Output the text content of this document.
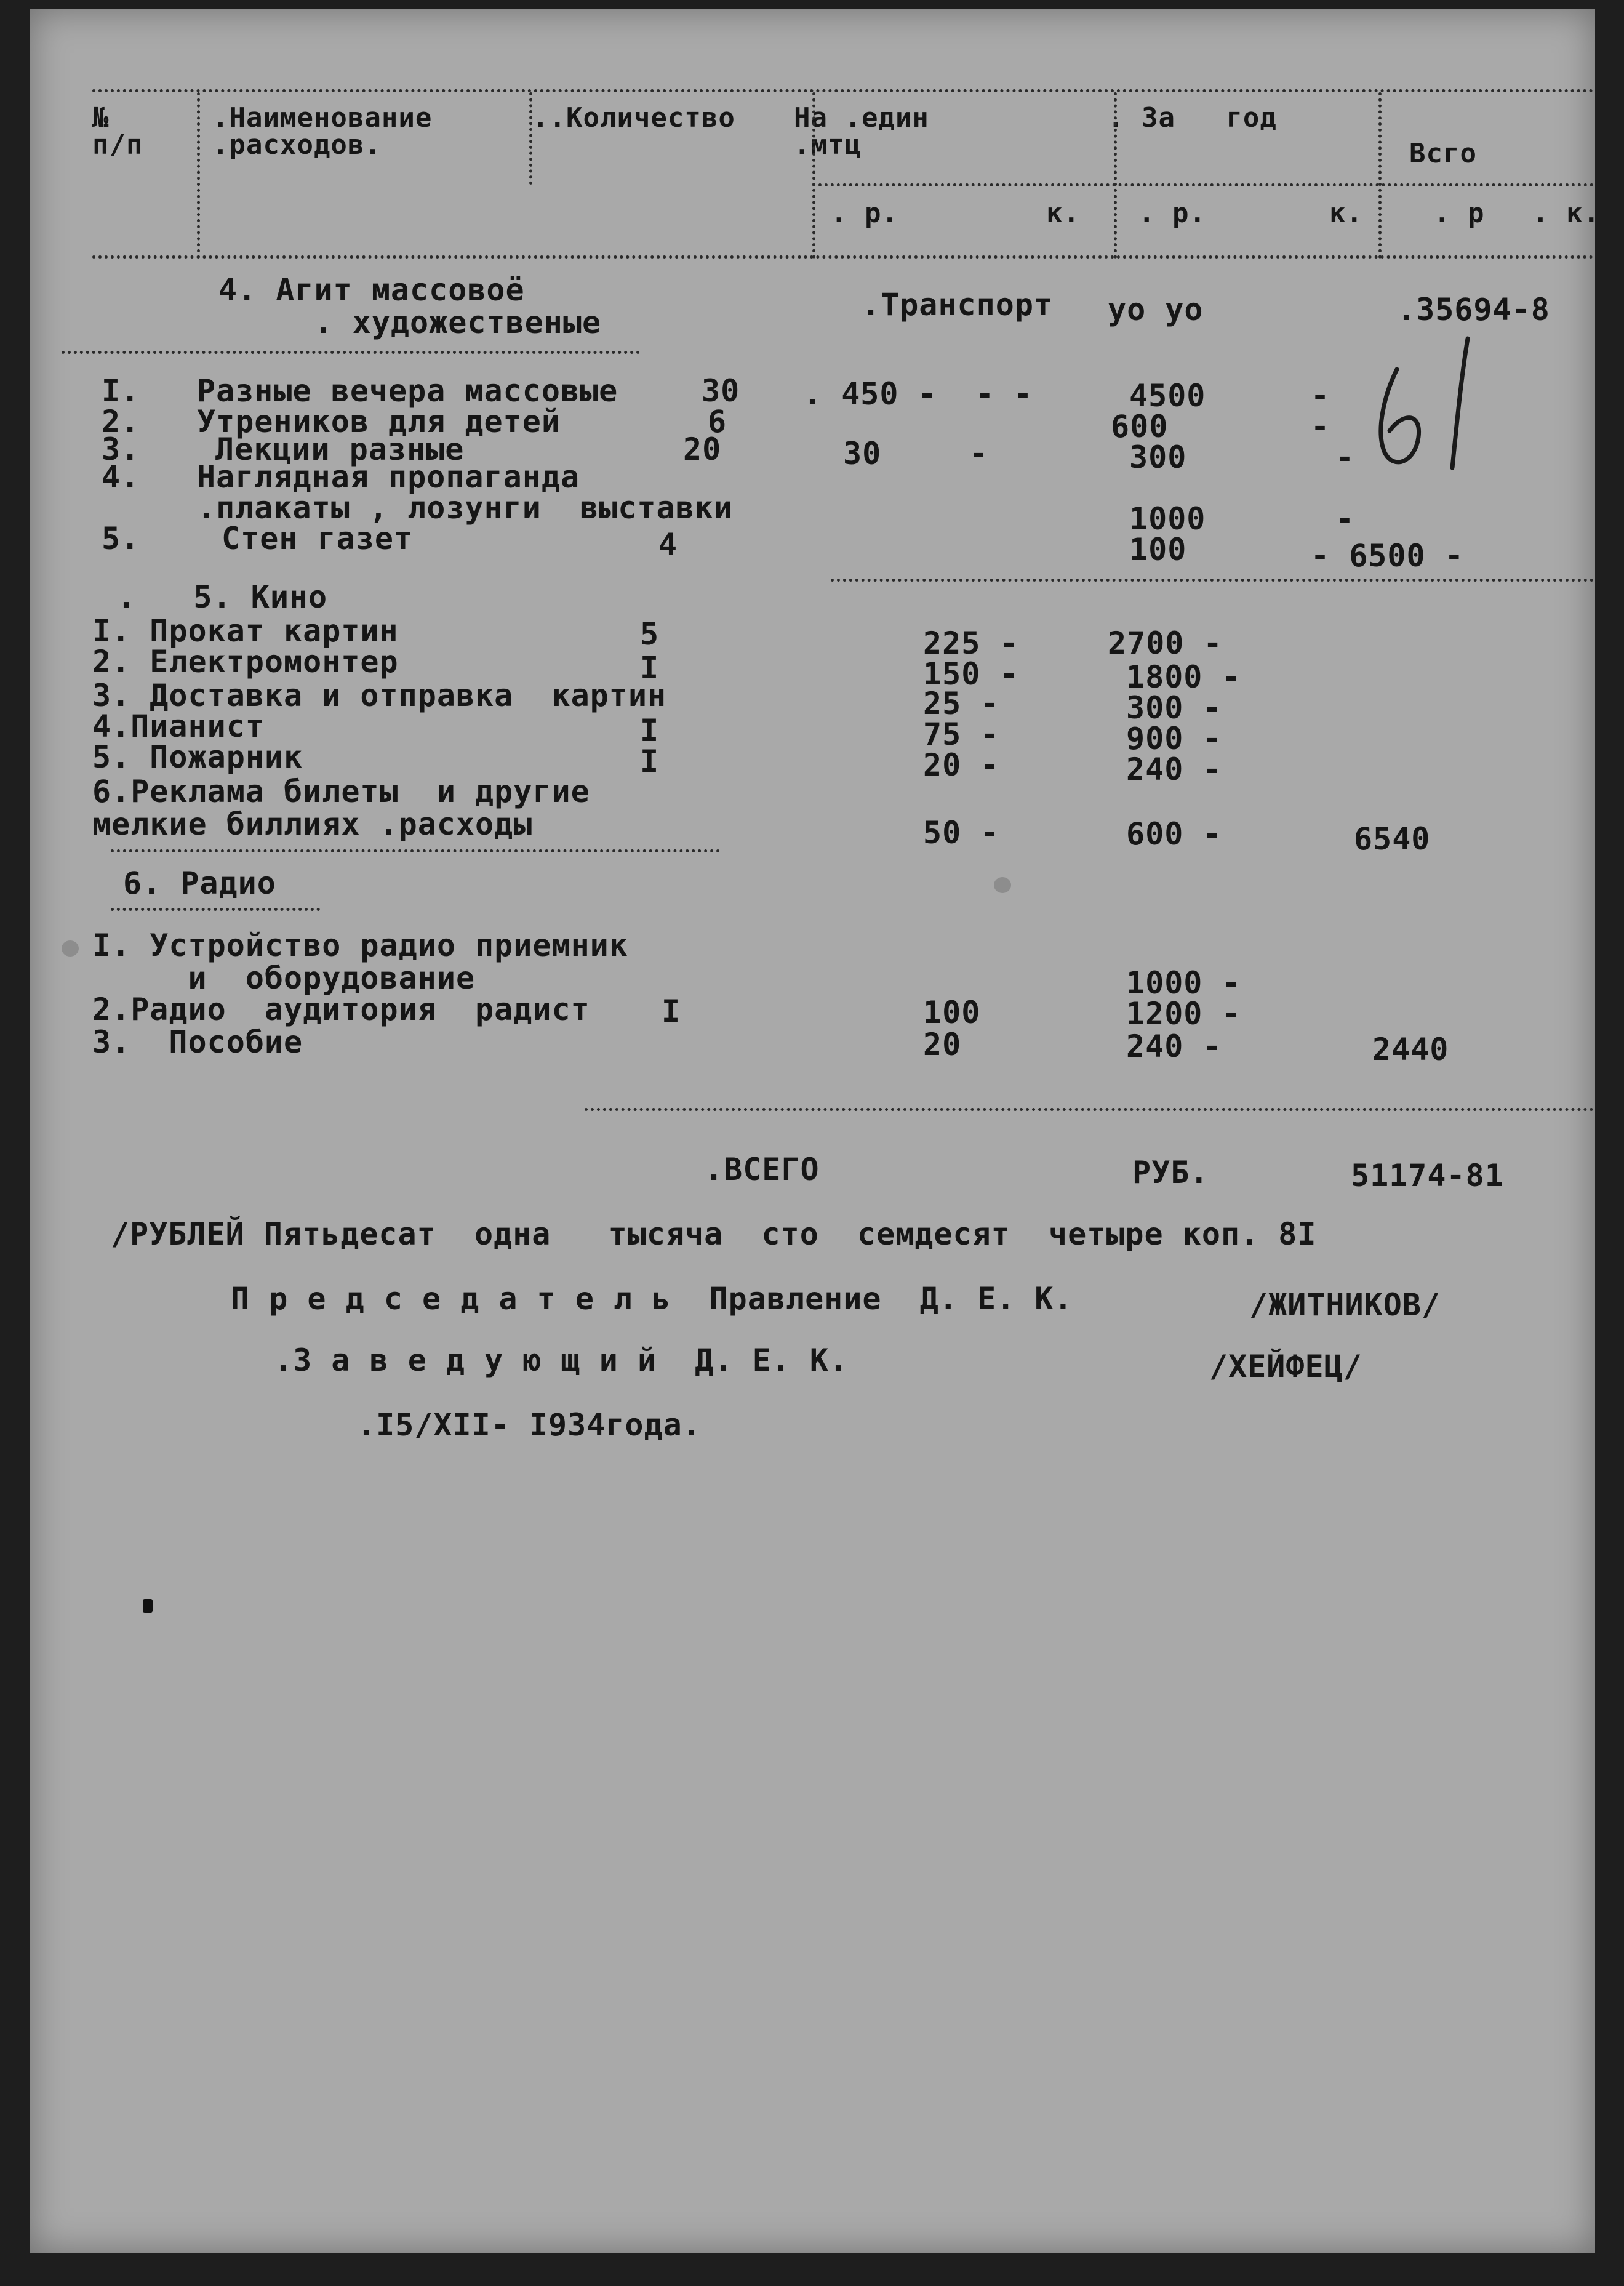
№
п/п
.Наименование
.расходов.
..Количество На .един
.мтц
. За   год
Всго
. р.	к. . р.	к.	. р . к.
4. Агит массовоё
. художественые	.Транспорт уо уо	.35694-8
I. Разные вечера массовые	30 . 450 -  - -	4500	-
2. Утреников для детей	6	600	-
3. Лекции разные	20	30	-	300	-
4. Наглядная пропаганда
.плакаты , лозунги  выставки	1000	-
5.	Стен газет	4	100	- 6500 -
.   5. Кино
I. Прокат картин	5	225 -	2700 -
2. Електромонтер	I	150 -	1800 -
3. Доставка и отправка  картин	25 -	300 -
4.Пианист	I	75 -	900 -
5. Пожарник	I	20 -	240 -
6.Реклама билеты  и другие
мелкие биллиях .расходы	50 -	600 -	6540
6. Радио
I. Устройство радио приемник
и  оборудование	1000 -
2.Радио  аудитория  радист I	100	1200 -
3.  Пособие	20	240 -	2440
.ВСЕГО	РУБ.	51174-81
/РУБЛЕЙ Пятьдесат  одна   тысяча  сто  семдесят  четыре коп. 8I
П р е д с е д а т е л ь  Правление  Д. Е. К.	/ЖИТНИКОВ/
.З а в е д у ю щ и й  Д. Е. К.	/ХЕЙФЕЦ/
.I5/XII- I934года.
